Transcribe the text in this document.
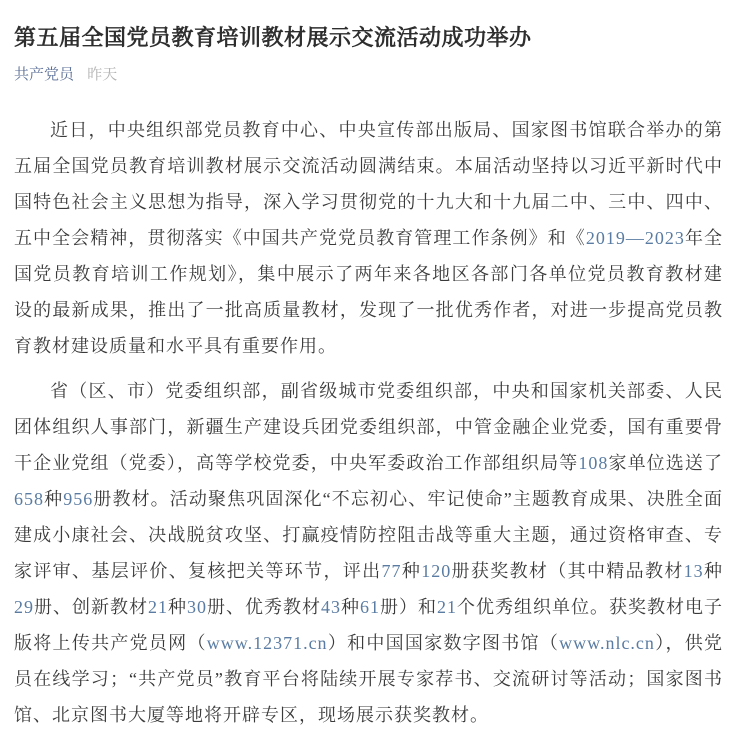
第五届全国党员教育培训教材展示交流活动成功举办
共产党员 昨天

近日，中央组织部党员教育中心、中央宣传部出版局、国家图书馆联合举办的第五届全国党员教育培训教材展示交流活动圆满结束。本届活动坚持以习近平新时代中国特色社会主义思想为指导，深入学习贯彻党的十九大和十九届二中、三中、四中、五中全会精神，贯彻落实《中国共产党党员教育管理工作条例》和《2019—2023年全国党员教育培训工作规划》，集中展示了两年来各地区各部门各单位党员教育教材建设的最新成果，推出了一批高质量教材，发现了一批优秀作者，对进一步提高党员教育教材建设质量和水平具有重要作用。

省（区、市）党委组织部，副省级城市党委组织部，中央和国家机关部委、人民团体组织人事部门，新疆生产建设兵团党委组织部，中管金融企业党委，国有重要骨干企业党组（党委），高等学校党委，中央军委政治工作部组织局等108家单位选送了658种956册教材。活动聚焦巩固深化“不忘初心、牢记使命”主题教育成果、决胜全面建成小康社会、决战脱贫攻坚、打赢疫情防控阻击战等重大主题，通过资格审查、专家评审、基层评价、复核把关等环节，评出77种120册获奖教材（其中精品教材13种29册、创新教材21种30册、优秀教材43种61册）和21个优秀组织单位。获奖教材电子版将上传共产党员网（www.12371.cn）和中国国家数字图书馆（www.nlc.cn），供党员在线学习；“共产党员”教育平台将陆续开展专家荐书、交流研讨等活动；国家图书馆、北京图书大厦等地将开辟专区，现场展示获奖教材。
